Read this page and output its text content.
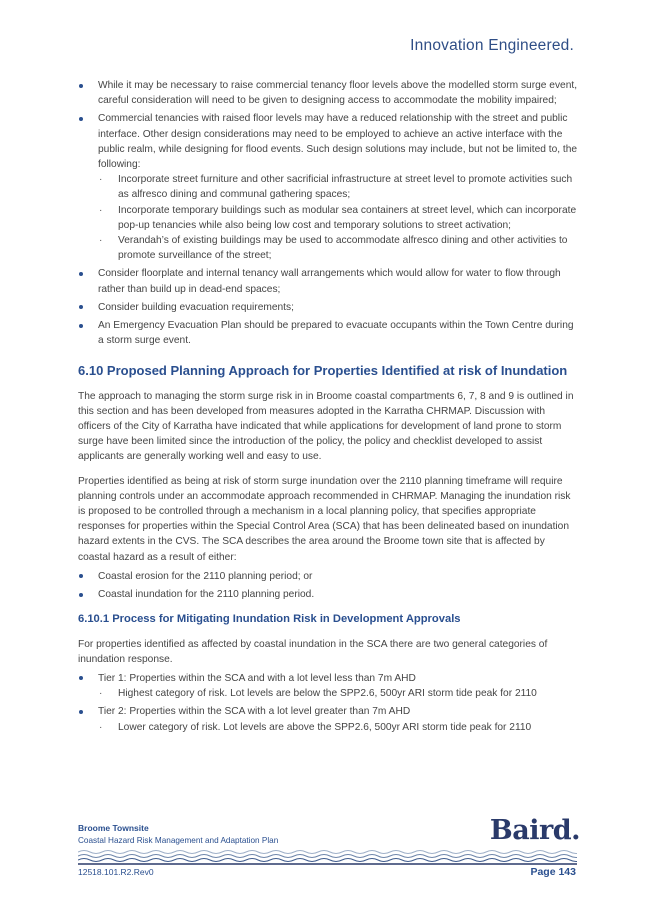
Innovation Engineered.
While it may be necessary to raise commercial tenancy floor levels above the modelled storm surge event, careful consideration will need to be given to designing access to accommodate the mobility impaired;
Commercial tenancies with raised floor levels may have a reduced relationship with the street and public interface. Other design considerations may need to be employed to achieve an active interface with the public realm, while designing for flood events. Such design solutions may include, but not be limited to, the following:
· Incorporate street furniture and other sacrificial infrastructure at street level to promote activities such as alfresco dining and communal gathering spaces;
· Incorporate temporary buildings such as modular sea containers at street level, which can incorporate pop-up tenancies while also being low cost and temporary solutions to street activation;
· Verandah’s of existing buildings may be used to accommodate alfresco dining and other activities to promote surveillance of the street;
Consider floorplate and internal tenancy wall arrangements which would allow for water to flow through rather than build up in dead-end spaces;
Consider building evacuation requirements;
An Emergency Evacuation Plan should be prepared to evacuate occupants within the Town Centre during a storm surge event.
6.10 Proposed Planning Approach for Properties Identified at risk of Inundation

The approach to managing the storm surge risk in in Broome coastal compartments 6, 7, 8 and 9 is outlined in this section and has been developed from measures adopted in the Karratha CHRMAP. Discussion with officers of the City of Karratha have indicated that while applications for development of land prone to storm surge have been limited since the introduction of the policy, the policy and checklist developed to assist applicants are generally working well and easy to use.

Properties identified as being at risk of storm surge inundation over the 2110 planning timeframe will require planning controls under an accommodate approach recommended in CHRMAP. Managing the inundation risk is proposed to be controlled through a mechanism in a local planning policy, that specifies appropriate responses for properties within the Special Control Area (SCA) that has been delineated based on inundation hazard extents in the CVS. The SCA describes the area around the Broome town site that is affected by coastal hazard as a result of either:

Coastal erosion for the 2110 planning period; or
Coastal inundation for the 2110 planning period.
6.10.1 Process for Mitigating Inundation Risk in Development Approvals

For properties identified as affected by coastal inundation in the SCA there are two general categories of inundation response.

Tier 1: Properties within the SCA and with a lot level less than 7m AHD
· Highest category of risk. Lot levels are below the SPP2.6, 500yr ARI storm tide peak for 2110
Tier 2: Properties within the SCA with a lot level greater than 7m AHD
· Lower category of risk. Lot levels are above the SPP2.6, 500yr ARI storm tide peak for 2110
Broome Townsite
Coastal Hazard Risk Management and Adaptation Plan	Baird.
12518.101.R2.Rev0	Page 143
